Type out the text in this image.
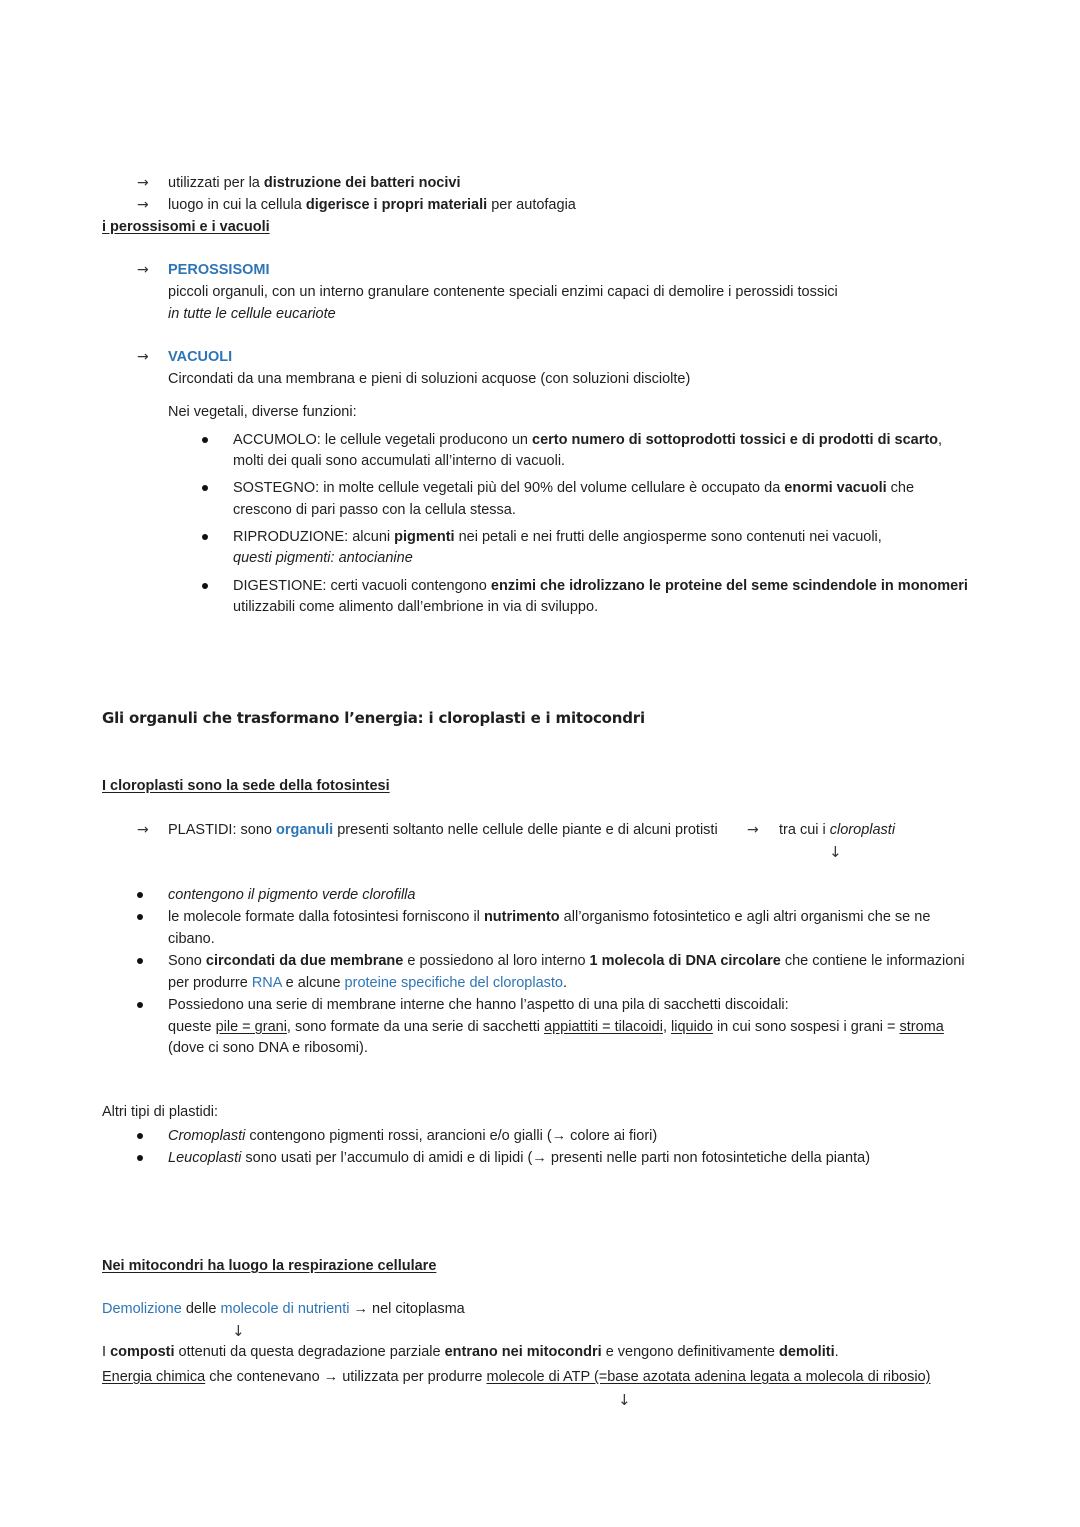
→ utilizzati per la distruzione dei batteri nocivi
→ luogo in cui la cellula digerisce i propri materiali per autofagia
i perossisomi e i vacuoli
→ PEROSSISOMI
piccoli organuli, con un interno granulare contenente speciali enzimi capaci di demolire i perossidi tossici
in tutte le cellule eucariote
→ VACUOLI
Circondati da una membrana e pieni di soluzioni acquose (con soluzioni disciolte)
Nei vegetali, diverse funzioni:
ACCUMOLO: le cellule vegetali producono un certo numero di sottoprodotti tossici e di prodotti di scarto,
molti dei quali sono accumulati all’interno di vacuoli.
SOSTEGNO: in molte cellule vegetali più del 90% del volume cellulare è occupato da enormi vacuoli che
crescono di pari passo con la cellula stessa.
RIPRODUZIONE: alcuni pigmenti nei petali e nei frutti delle angiosperme sono contenuti nei vacuoli,
questi pigmenti: antocianine
DIGESTIONE: certi vacuoli contengono enzimi che idrolizzano le proteine del seme scindendole in monomeri
utilizzabili come alimento dall’embrione in via di sviluppo.
Gli organuli che trasformano l’energia: i cloroplasti e i mitocondri
I cloroplasti sono la sede della fotosintesi
→ PLASTIDI: sono organuli presenti soltanto nelle cellule delle piante e di alcuni protisti → tra cui i cloroplasti
↓
contengono il pigmento verde clorofilla
le molecole formate dalla fotosintesi forniscono il nutrimento all’organismo fotosintetico e agli altri organismi che se ne
cibano.
Sono circondati da due membrane e possiedono al loro interno 1 molecola di DNA circolare che contiene le informazioni
per produrre RNA e alcune proteine specifiche del cloroplasto.
Possiedono una serie di membrane interne che hanno l’aspetto di una pila di sacchetti discoidali:
queste pile = grani, sono formate da una serie di sacchetti appiattiti = tilacoidi, liquido in cui sono sospesi i grani = stroma
(dove ci sono DNA e ribosomi).
Altri tipi di plastidi:
Cromoplasti contengono pigmenti rossi, arancioni e/o gialli (→ colore ai fiori)
Leucoplasti sono usati per l’accumulo di amidi e di lipidi (→ presenti nelle parti non fotosintetiche della pianta)
Nei mitocondri ha luogo la respirazione cellulare
Demolizione delle molecole di nutrienti → nel citoplasma
↓
I composti ottenuti da questa degradazione parziale entrano nei mitocondri e vengono definitivamente demoliti.
Energia chimica che contenevano → utilizzata per produrre molecole di ATP (=base azotata adenina legata a molecola di ribosio)
↓
